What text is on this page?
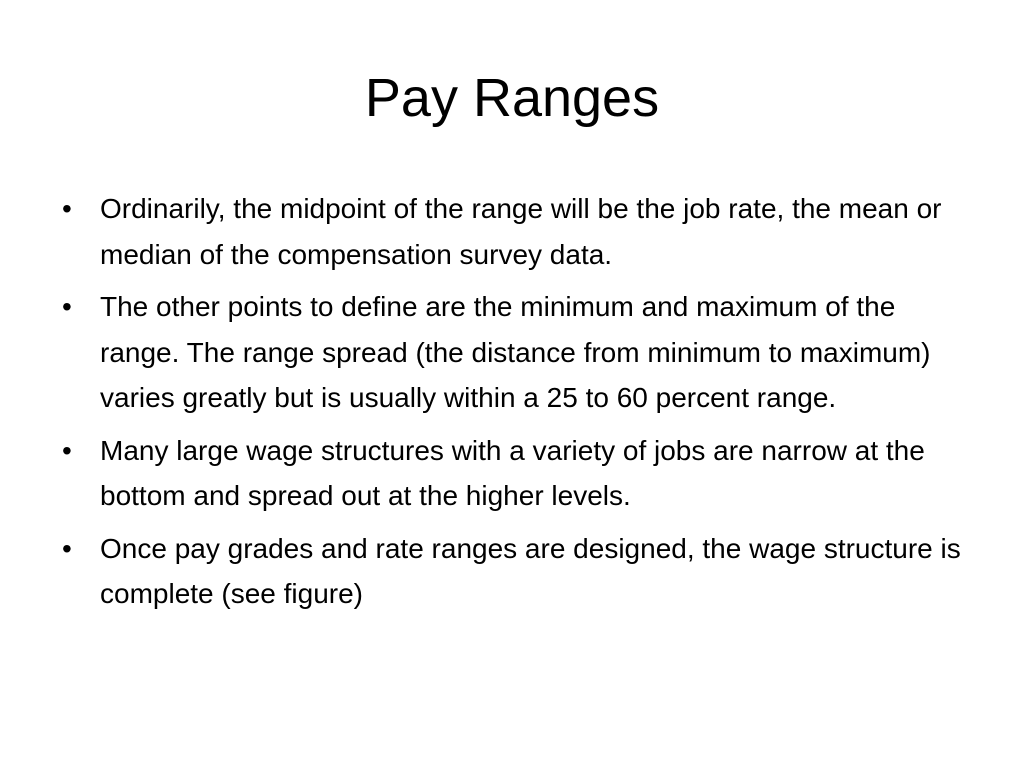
Pay Ranges
•	Ordinarily, the midpoint of the range will be the job rate, the mean or median of the compensation survey data.
•	The other points to define are the minimum and maximum of the range. The range spread (the distance from minimum to maximum) varies greatly but is usually within a 25 to 60 percent range.
•	Many large wage structures with a variety of jobs are narrow at the bottom and spread out at the higher levels.
•	Once pay grades and rate ranges are designed, the wage structure is complete (see figure)
